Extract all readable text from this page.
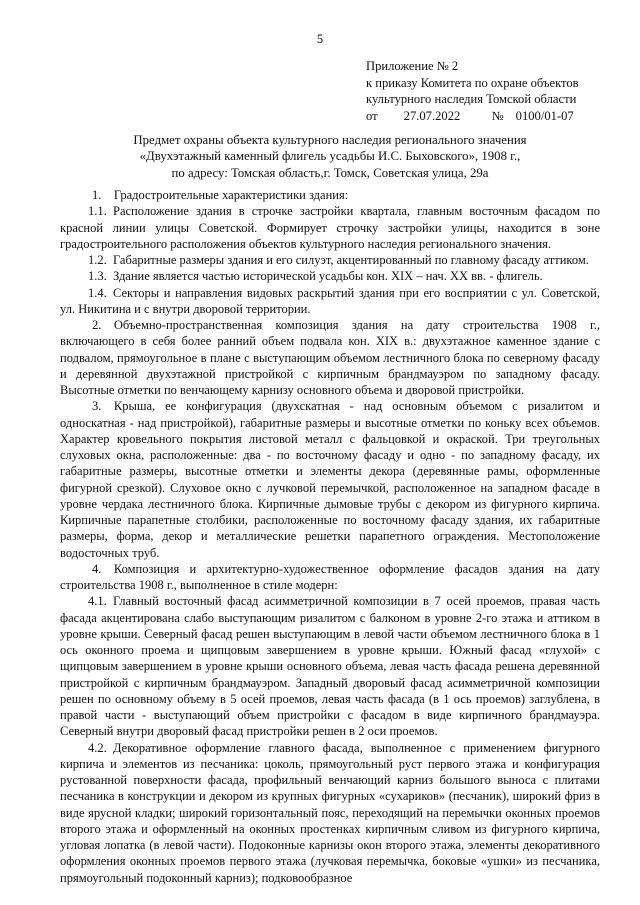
5
Приложение № 2
к приказу Комитета по охране объектов
культурного наследия Томской области
от 27.07.2022 № 0100/01-07
Предмет охраны объекта культурного наследия регионального значения
«Двухэтажный каменный флигель усадьбы И.С. Быховского», 1908 г.,
по адресу: Томская область,г. Томск, Советская улица, 29а

1. Градостроительные характеристики здания:

1.1. Расположение здания в строчке застройки квартала, главным восточным фасадом по красной линии улицы Советской. Формирует строчку застройки улицы, находится в зоне градостроительного расположения объектов культурного наследия регионального значения.

1.2. Габаритные размеры здания и его силуэт, акцентированный по главному фасаду аттиком.

1.3. Здание является частью исторической усадьбы кон. XIX – нач. XX вв. - флигель.

1.4. Секторы и направления видовых раскрытий здания при его восприятии с ул. Советской, ул. Никитина и с внутри дворовой территории.

2. Объемно-пространственная композиция здания на дату строительства 1908 г., включающего в себя более ранний объем подвала кон. XIX в.: двухэтажное каменное здание с подвалом, прямоугольное в плане с выступающим объемом лестничного блока по северному фасаду и деревянной двухэтажной пристройкой с кирпичным брандмауэром по западному фасаду. Высотные отметки по венчающему карнизу основного объема и дворовой пристройки.

3. Крыша, ее конфигурация (двухскатная - над основным объемом с ризалитом и односкатная - над пристройкой), габаритные размеры и высотные отметки по коньку всех объемов. Характер кровельного покрытия листовой металл с фальцовкой и окраской. Три треугольных слуховых окна, расположенные: два - по восточному фасаду и одно - по западному фасаду, их габаритные размеры, высотные отметки и элементы декора (деревянные рамы, оформленные фигурной срезкой). Слуховое окно с лучковой перемычкой, расположенное на западном фасаде в уровне чердака лестничного блока. Кирпичные дымовые трубы с декором из фигурного кирпича. Кирпичные парапетные столбики, расположенные по восточному фасаду здания, их габаритные размеры, форма, декор и металлические решетки парапетного ограждения. Местоположение водосточных труб.

4. Композиция и архитектурно-художественное оформление фасадов здания на дату строительства 1908 г., выполненное в стиле модерн:

4.1. Главный восточный фасад асимметричной композиции в 7 осей проемов, правая часть фасада акцентирована слабо выступающим ризалитом с балконом в уровне 2-го этажа и аттиком в уровне крыши. Северный фасад решен выступающим в левой части объемом лестничного блока в 1 ось оконного проема и щипцовым завершением в уровне крыши. Южный фасад «глухой» с щипцовым завершением в уровне крыши основного объема, левая часть фасада решена деревянной пристройкой с кирпичным брандмауэром. Западный дворовый фасад асимметричной композиции решен по основному объему в 5 осей проемов, левая часть фасада (в 1 ось проемов) заглублена, в правой части - выступающий объем пристройки с фасадом в виде кирпичного брандмауэра. Северный внутри дворовый фасад пристройки решен в 2 оси проемов.

4.2. Декоративное оформление главного фасада, выполненное с применением фигурного кирпича и элементов из песчаника: цоколь, прямоугольный руст первого этажа и конфигурация рустованной поверхности фасада, профильный венчающий карниз большого выноса с плитами песчаника в конструкции и декором из крупных фигурных «сухариков» (песчаник), широкий фриз в виде ярусной кладки; широкий горизонтальный пояс, переходящий на перемычки оконных проемов второго этажа и оформленный на оконных простенках кирпичным сливом из фигурного кирпича, угловая лопатка (в левой части). Подоконные карнизы окон второго этажа, элементы декоративного оформления оконных проемов первого этажа (лучковая перемычка, боковые «ушки» из песчаника, прямоугольный подоконный карниз); подковообразное
